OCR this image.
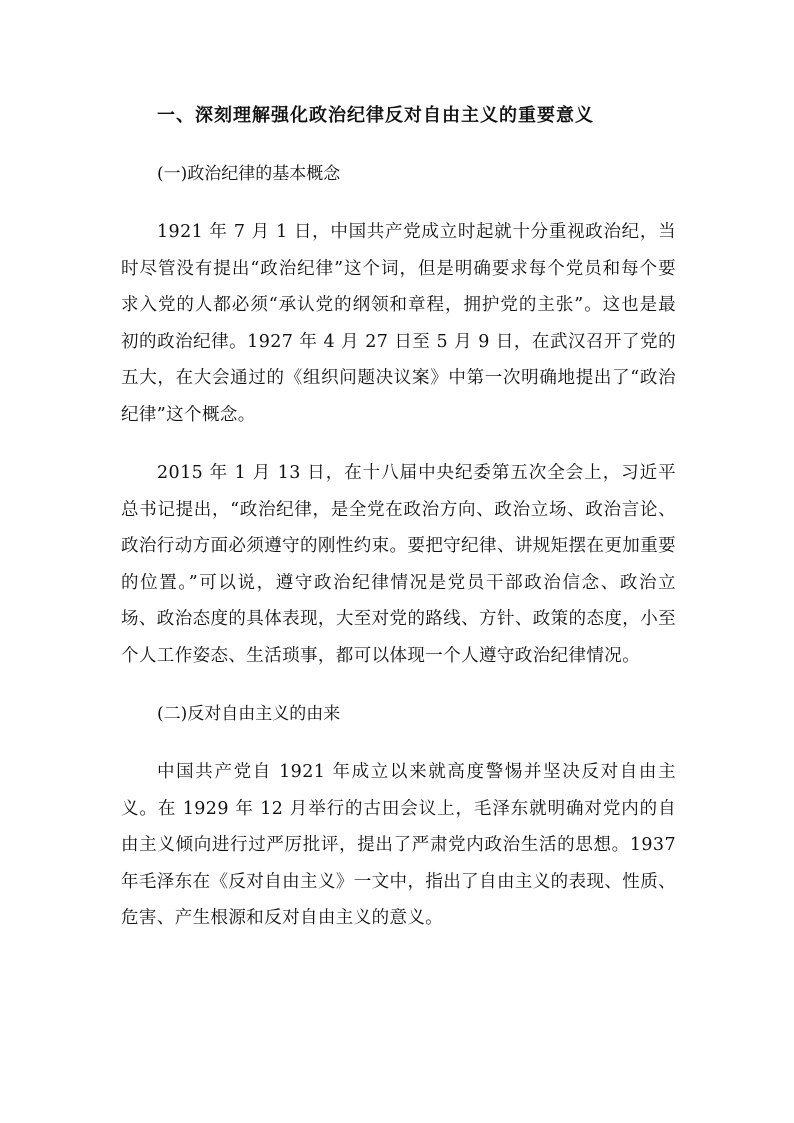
一、深刻理解强化政治纪律反对自由主义的重要意义

(一)政治纪律的基本概念

1921 年 7 月 1 日，中国共产党成立时起就十分重视政治纪，当时尽管没有提出“政治纪律”这个词，但是明确要求每个党员和每个要求入党的人都必须“承认党的纲领和章程，拥护党的主张”。这也是最初的政治纪律。1927 年 4 月 27 日至 5 月 9 日，在武汉召开了党的五大，在大会通过的《组织问题决议案》中第一次明确地提出了“政治纪律”这个概念。

2015 年 1 月 13 日，在十八届中央纪委第五次全会上，习近平总书记提出，“政治纪律，是全党在政治方向、政治立场、政治言论、政治行动方面必须遵守的刚性约束。要把守纪律、讲规矩摆在更加重要的位置。”可以说，遵守政治纪律情况是党员干部政治信念、政治立场、政治态度的具体表现，大至对党的路线、方针、政策的态度，小至个人工作姿态、生活琐事，都可以体现一个人遵守政治纪律情况。

(二)反对自由主义的由来

中国共产党自 1921 年成立以来就高度警惕并坚决反对自由主义。在 1929 年 12 月举行的古田会议上，毛泽东就明确对党内的自由主义倾向进行过严厉批评，提出了严肃党内政治生活的思想。1937 年毛泽东在《反对自由主义》一文中，指出了自由主义的表现、性质、危害、产生根源和反对自由主义的意义。
